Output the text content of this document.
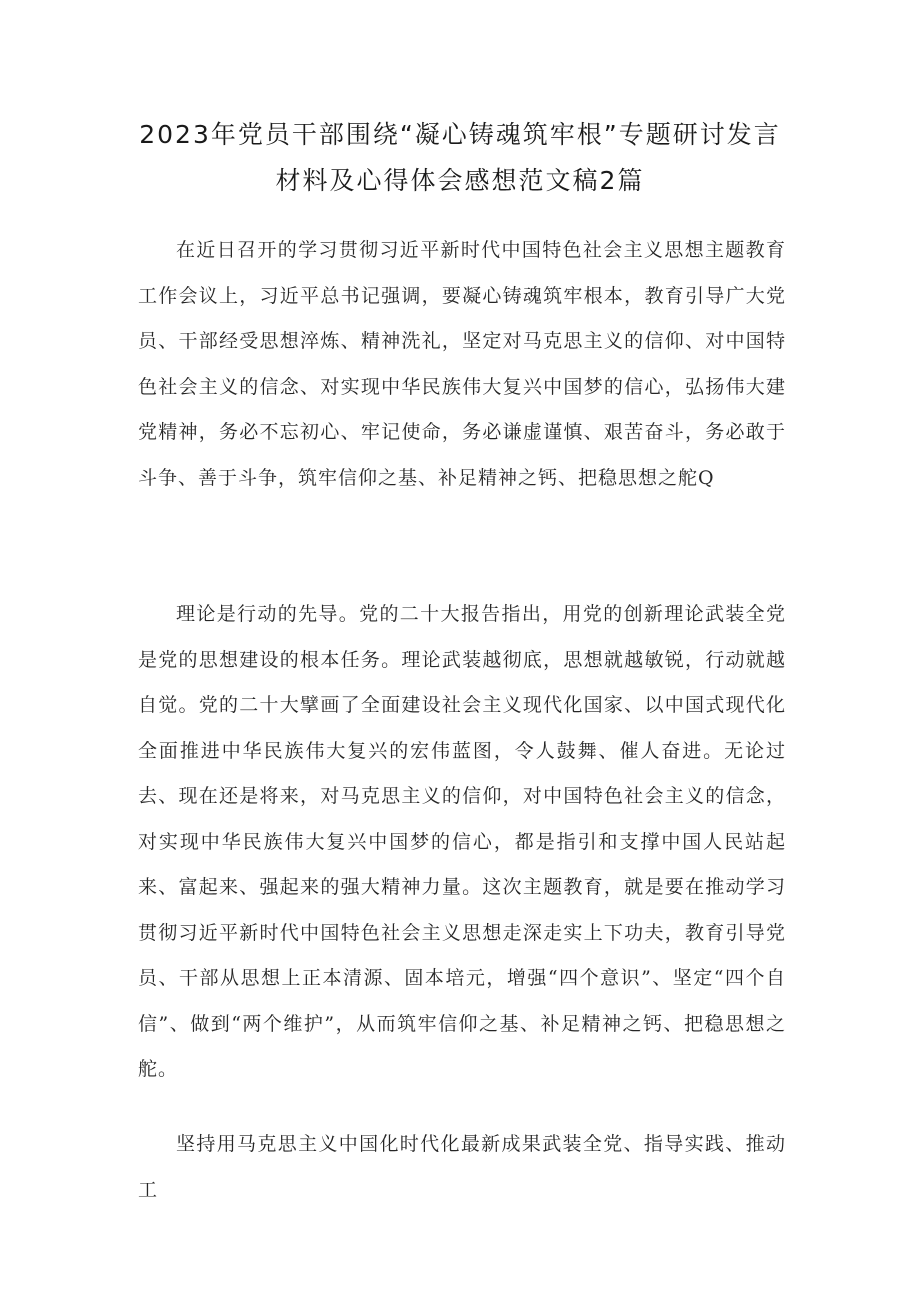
2023年党员干部围绕“凝心铸魂筑牢根”专题研讨发言材料及心得体会感想范文稿2篇

在近日召开的学习贯彻习近平新时代中国特色社会主义思想主题教育工作会议上，习近平总书记强调，要凝心铸魂筑牢根本，教育引导广大党员、干部经受思想淬炼、精神洗礼，坚定对马克思主义的信仰、对中国特色社会主义的信念、对实现中华民族伟大复兴中国梦的信心，弘扬伟大建党精神，务必不忘初心、牢记使命，务必谦虚谨慎、艰苦奋斗，务必敢于斗争、善于斗争，筑牢信仰之基、补足精神之钙、把稳思想之舵Q

理论是行动的先导。党的二十大报告指出，用党的创新理论武装全党是党的思想建设的根本任务。理论武装越彻底，思想就越敏锐，行动就越自觉。党的二十大擘画了全面建设社会主义现代化国家、以中国式现代化全面推进中华民族伟大复兴的宏伟蓝图，令人鼓舞、催人奋进。无论过去、现在还是将来，对马克思主义的信仰，对中国特色社会主义的信念，对实现中华民族伟大复兴中国梦的信心，都是指引和支撑中国人民站起来、富起来、强起来的强大精神力量。这次主题教育，就是要在推动学习贯彻习近平新时代中国特色社会主义思想走深走实上下功夫，教育引导党员、干部从思想上正本清源、固本培元，增强“四个意识”、坚定“四个自信”、做到“两个维护”，从而筑牢信仰之基、补足精神之钙、把稳思想之舵。

坚持用马克思主义中国化时代化最新成果武装全党、指导实践、推动工
